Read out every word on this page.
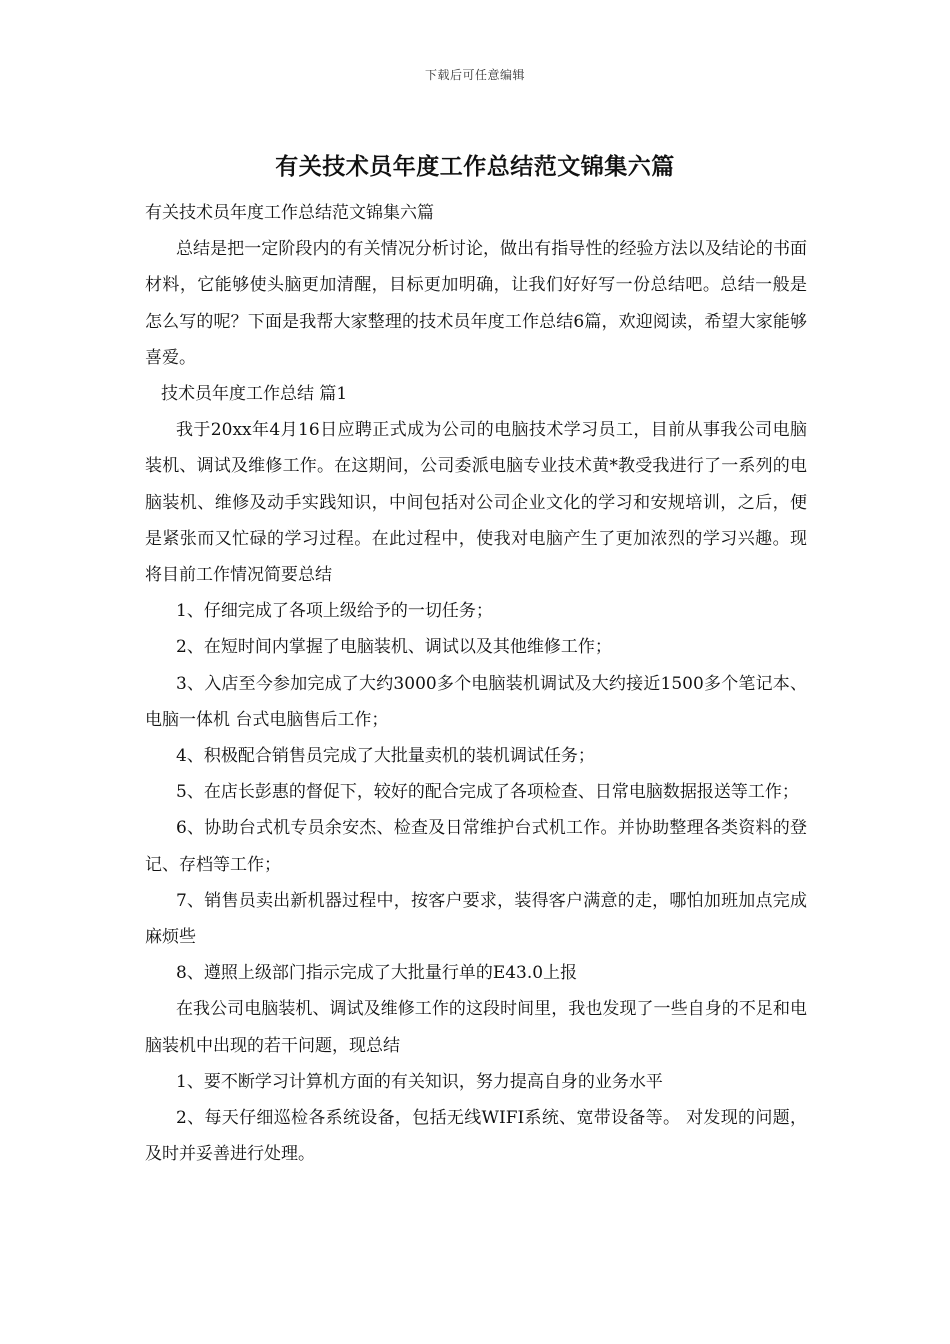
下载后可任意编辑
有关技术员年度工作总结范文锦集六篇

有关技术员年度工作总结范文锦集六篇

总结是把一定阶段内的有关情况分析讨论，做出有指导性的经验方法以及结论的书面材料，它能够使头脑更加清醒，目标更加明确，让我们好好写一份总结吧。总结一般是怎么写的呢？下面是我帮大家整理的技术员年度工作总结6篇，欢迎阅读，希望大家能够喜爱。

技术员年度工作总结 篇1

我于20xx年4月16日应聘正式成为公司的电脑技术学习员工，目前从事我公司电脑装机、调试及维修工作。在这期间，公司委派电脑专业技术黄*教受我进行了一系列的电脑装机、维修及动手实践知识，中间包括对公司企业文化的学习和安规培训，之后，便是紧张而又忙碌的学习过程。在此过程中，使我对电脑产生了更加浓烈的学习兴趣。现将目前工作情况简要总结

1、仔细完成了各项上级给予的一切任务；

2、在短时间内掌握了电脑装机、调试以及其他维修工作；

3、入店至今参加完成了大约3000多个电脑装机调试及大约接近1500多个笔记本、电脑一体机 台式电脑售后工作；

4、积极配合销售员完成了大批量卖机的装机调试任务；

5、在店长彭惠的督促下，较好的配合完成了各项检查、日常电脑数据报送等工作；

6、协助台式机专员余安杰、检查及日常维护台式机工作。并协助整理各类资料的登记、存档等工作；

7、销售员卖出新机器过程中，按客户要求，装得客户满意的走，哪怕加班加点完成麻烦些

8、遵照上级部门指示完成了大批量行单的E43.0上报

在我公司电脑装机、调试及维修工作的这段时间里，我也发现了一些自身的不足和电脑装机中出现的若干问题，现总结

1、要不断学习计算机方面的有关知识，努力提高自身的业务水平

2、每天仔细巡检各系统设备，包括无线WIFI系统、宽带设备等。 对发现的问题，及时并妥善进行处理。
